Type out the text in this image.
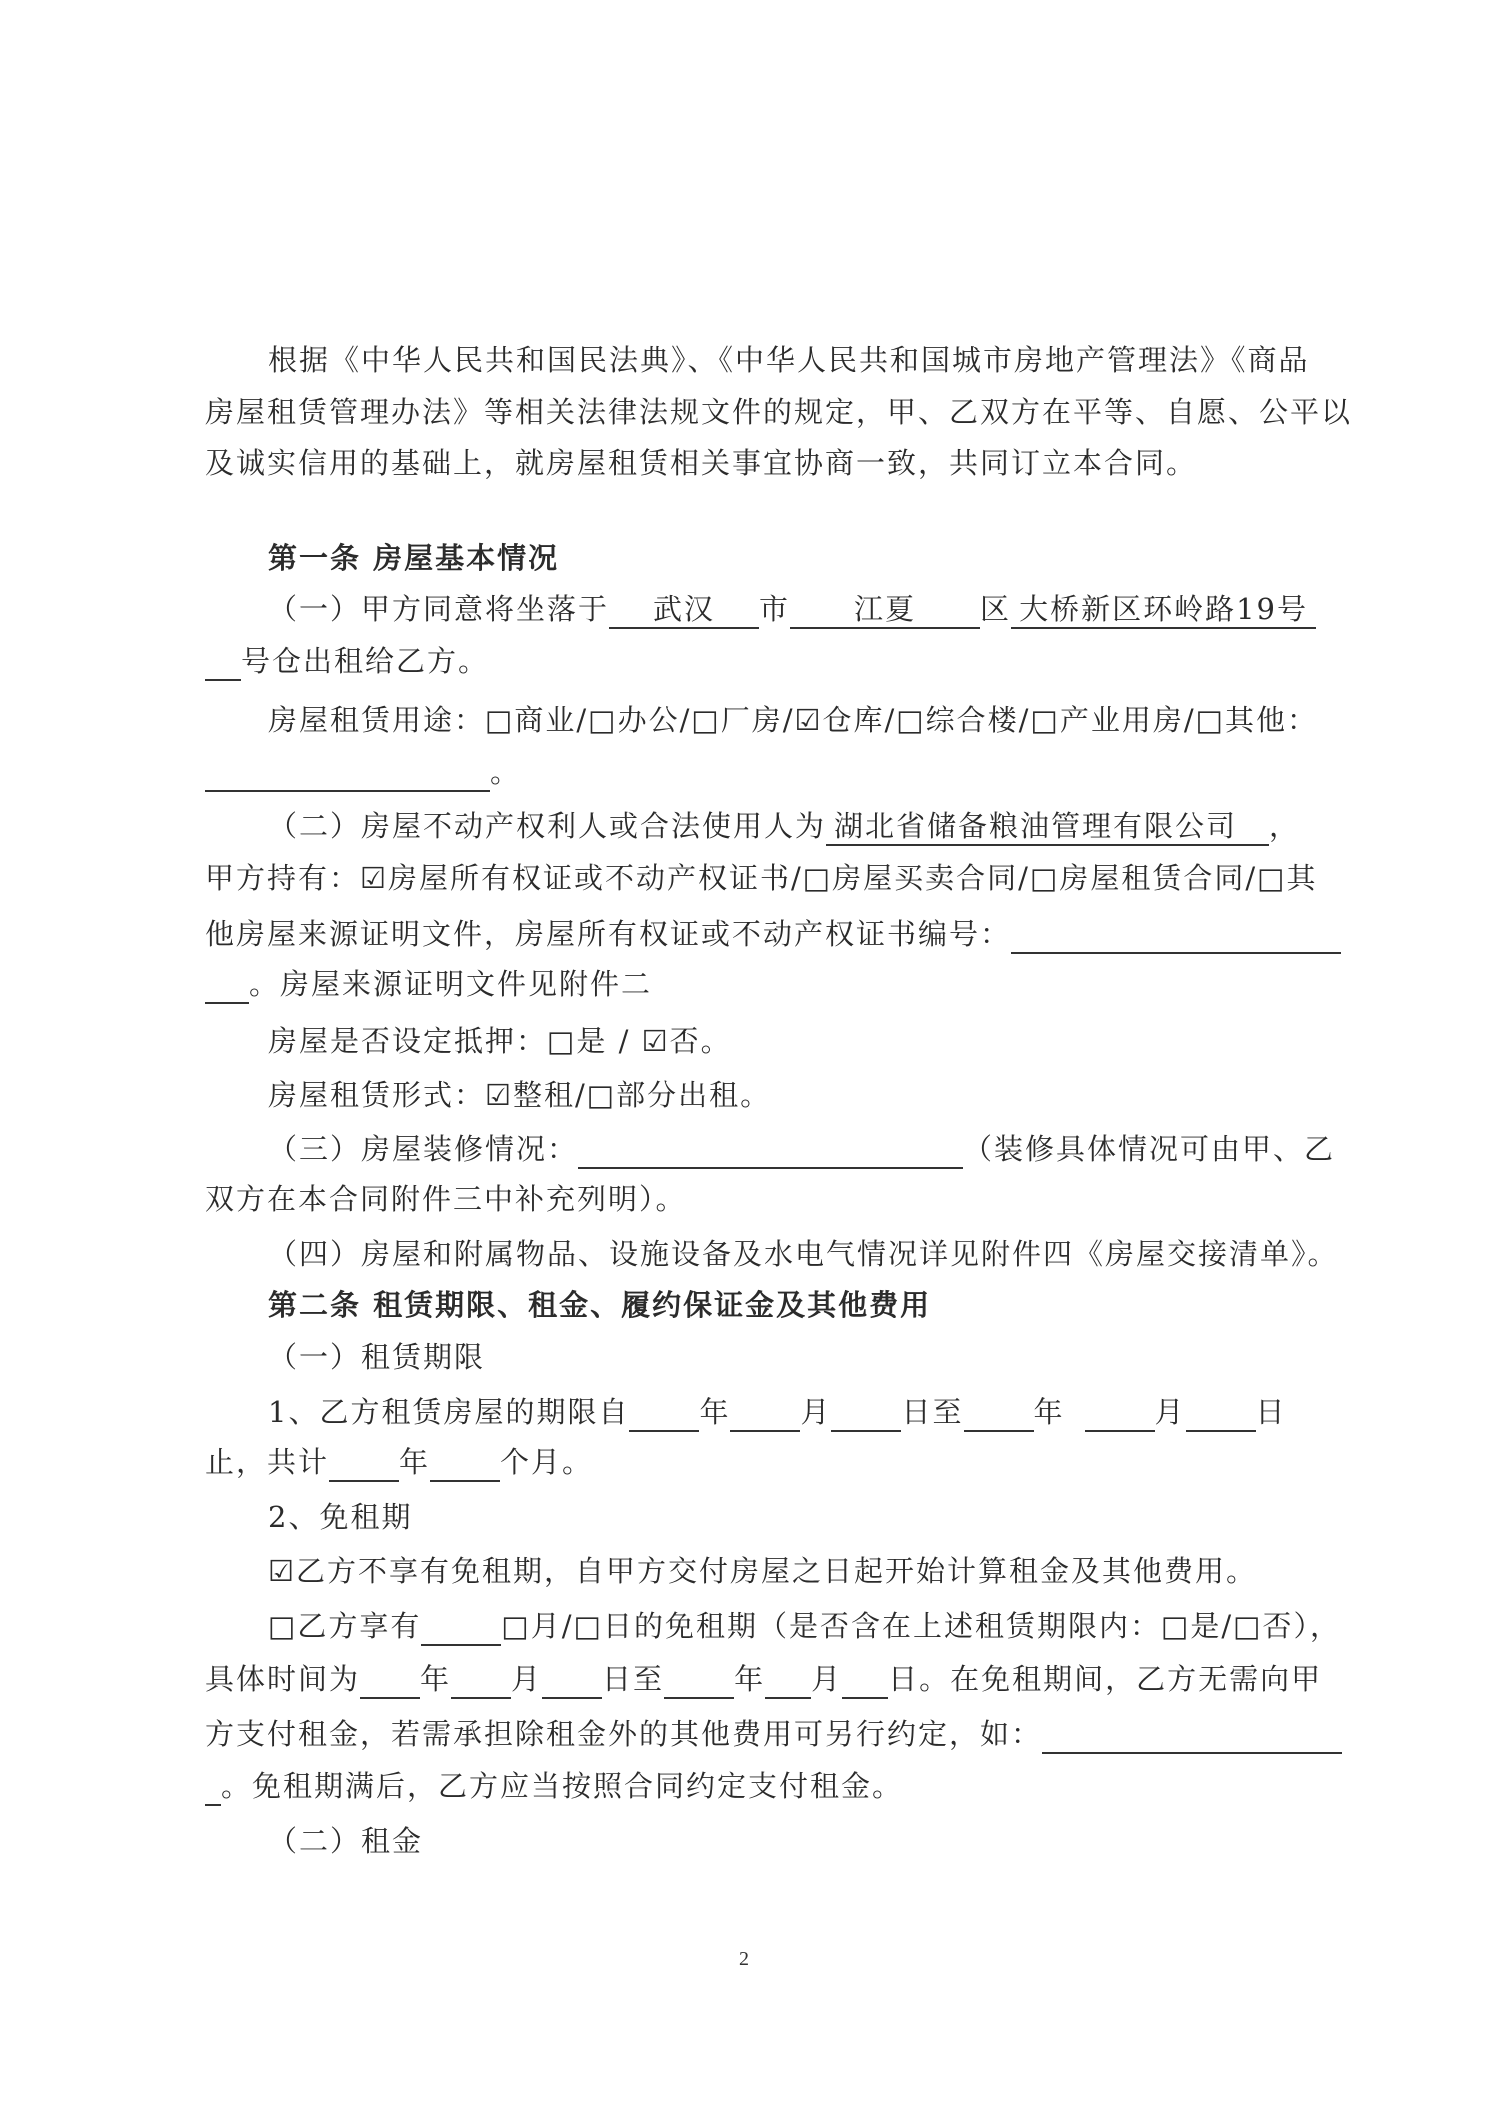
根据《中华人民共和国民法典》、《中华人民共和国城市房地产管理法》《商品
房屋租赁管理办法》等相关法律法规文件的规定，甲、乙双方在平等、自愿、公平以
及诚实信用的基础上，就房屋租赁相关事宜协商一致，共同订立本合同。
第一条 房屋基本情况
（一）甲方同意将坐落于 武汉 市 江夏 区 大桥新区环岭路19号
号仓出租给乙方。
房屋租赁用途：□商业/□办公/□厂房/☑仓库/□综合楼/□产业用房/□其他：
。
（二）房屋不动产权利人或合法使用人为 湖北省储备粮油管理有限公司 ，
甲方持有：☑房屋所有权证或不动产权证书/□房屋买卖合同/□房屋租赁合同/□其
他房屋来源证明文件，房屋所有权证或不动产权证书编号：
。房屋来源证明文件见附件二
房屋是否设定抵押：□是 / ☑否。
房屋租赁形式：☑整租/□部分出租。
（三）房屋装修情况：	（装修具体情况可由甲、乙
双方在本合同附件三中补充列明）。
（四）房屋和附属物品、设施设备及水电气情况详见附件四《房屋交接清单》。
第二条 租赁期限、租金、履约保证金及其他费用
（一）租赁期限
1、乙方租赁房屋的期限自 年 月 日至 年	月 日
止，共计 年 个月。
2、免租期
☑乙方不享有免租期，自甲方交付房屋之日起开始计算租金及其他费用。
□乙方享有	□月/□日的免租期（是否含在上述租赁期限内：□是/□否），
具体时间为 年 月 日至 年 月 日。在免租期间，乙方无需向甲
方支付租金，若需承担除租金外的其他费用可另行约定，如：
。免租期满后，乙方应当按照合同约定支付租金。
（二）租金
2
